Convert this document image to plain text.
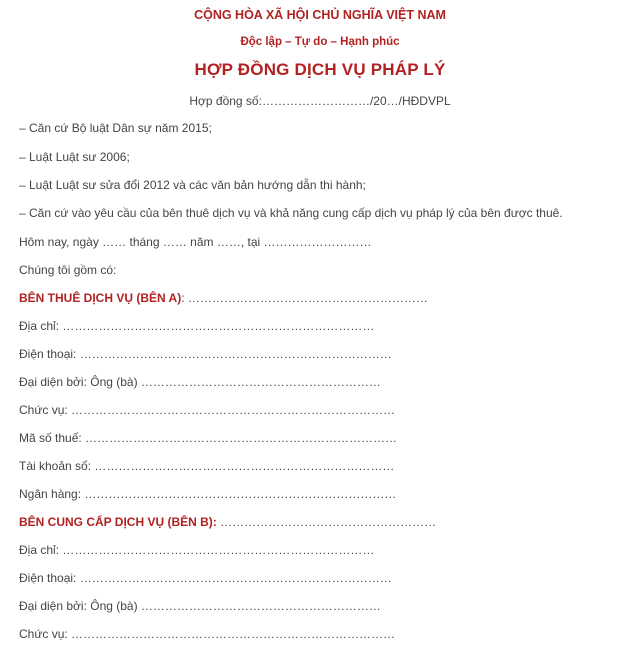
CỘNG HÒA XÃ HỘI CHỦ NGHĨA VIỆT NAM
Độc lập – Tự do – Hạnh phúc
HỢP ĐỒNG DỊCH VỤ PHÁP LÝ
Hợp đồng số:………………………/20…/HĐDVPL
– Căn cứ Bộ luật Dân sự năm 2015;
– Luật Luật sư 2006;
– Luật Luật sư sửa đổi 2012 và các văn bản hướng dẫn thi hành;
– Căn cứ vào yêu cầu của bên thuê dịch vụ và khả năng cung cấp dịch vụ pháp lý của bên được thuê.
Hôm nay, ngày …… tháng …… năm ……, tại ………………………
Chúng tôi gồm có:
BÊN THUÊ DỊCH VỤ (BÊN A): ……………………………………………………
Địa chỉ: ……………………………………………………………………
Điện thoại: ……………………………………………………………………
Đại diện bởi: Ông (bà) ……………………………………………………
Chức vụ: ………………………………………………………………………
Mã số thuế: ……………………………………………………………………
Tài khoản số: …………………………………………………………………
Ngân hàng: ……………………………………………………………………
BÊN CUNG CẤP DỊCH VỤ (BÊN B): ………………………………………………
Địa chỉ: ……………………………………………………………………
Điện thoại: ……………………………………………………………………
Đại diện bởi: Ông (bà) ……………………………………………………
Chức vụ: ………………………………………………………………………
